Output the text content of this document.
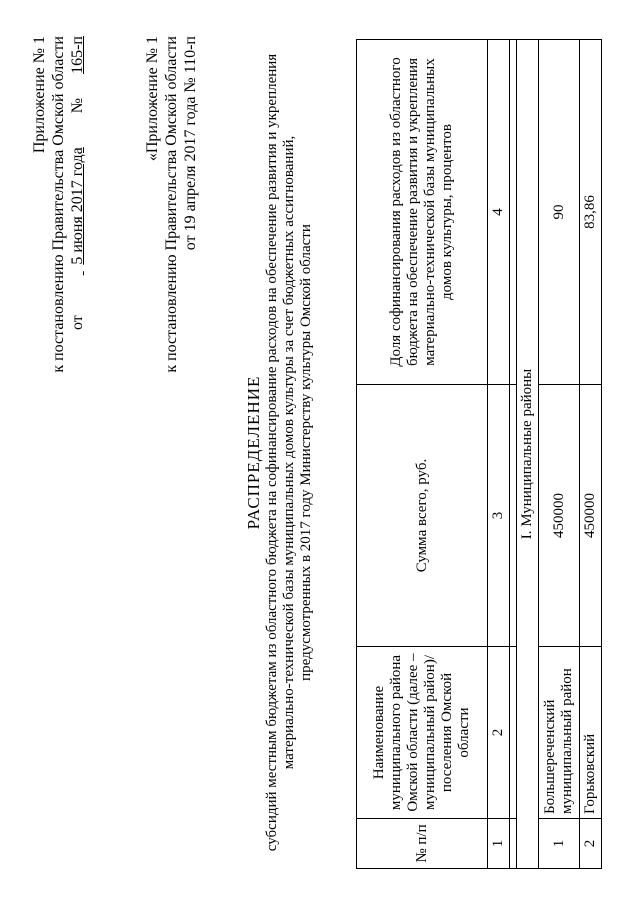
Приложение № 1 к постановлению Правительства Омской области от   5 июня 2017 года  № 165-п	«Приложение № 1 к постановлению Правительства Омской области от 19 апреля 2017 года № 110-п
РАСПРЕДЕЛЕНИЕ субсидий местным бюджетам из областного бюджета на софинансирование расходов на обеспечение развития и укрепления материально-технической базы муниципальных домов культуры за счет бюджетных ассигнований, предусмотренных в 2017 году Министерству культуры Омской области
№ п/п	Наименование муниципального района Омской области (далее – муниципальный район)/ поселения Омской области	Сумма всего, руб.	Доля софинансирования расходов из областного бюджета на обеспечение развития и укрепления материально-технической базы муниципальных домов культуры, процентов
1	2	3	4

I. Муниципальные районы			
1	Большереченский муниципальный район	450000	90
2	Горьковский	450000	83,86
